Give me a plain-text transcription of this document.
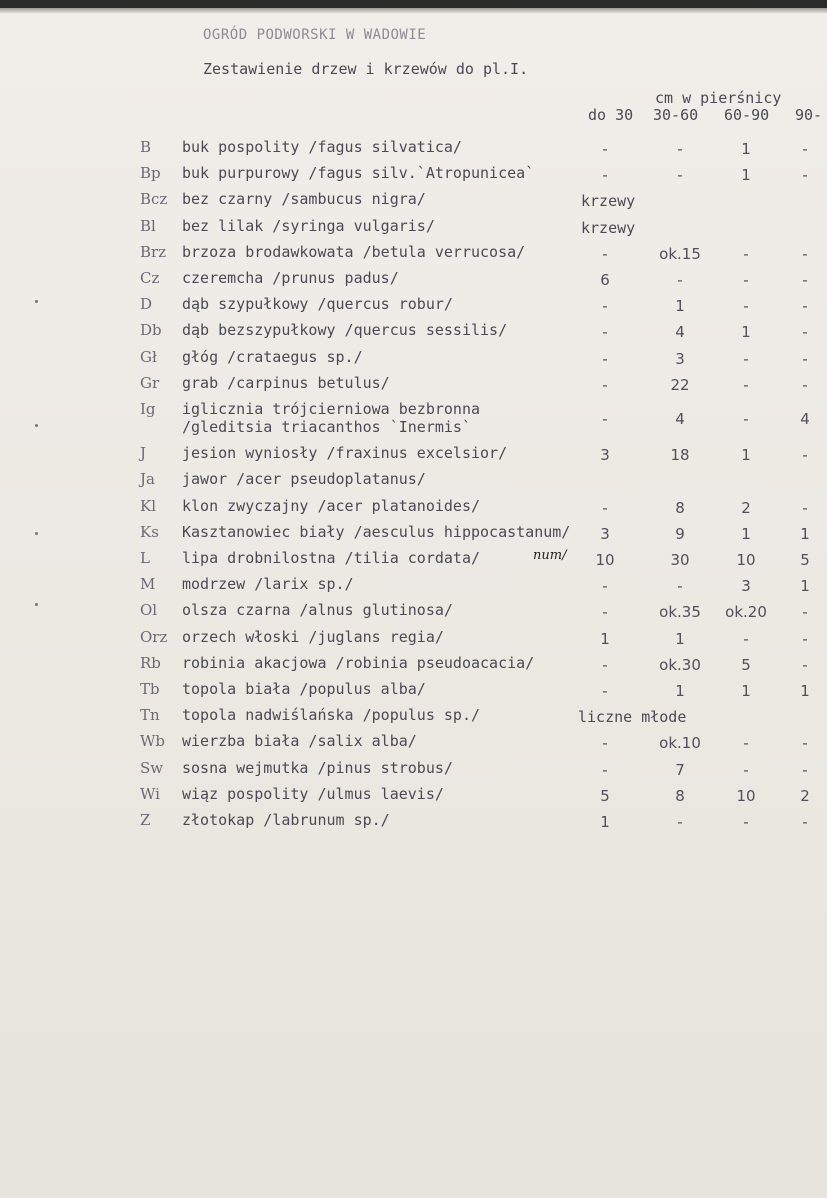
OGRÓD PODWORSKI W WADOWIE
Zestawienie drzew i krzewów do pl.I.
cm w pierśnicy
do 30 30-60 60-90 90-
B buk pospolity /fagus silvatica/	-	-	1	-
Bp buk purpurowy /fagus silv.`Atropunicea`	-	-	1	-
Bcz bez czarny /sambucus nigra/	krzewy
Bl bez lilak /syringa vulgaris/	krzewy
Brz brzoza brodawkowata /betula verrucosa/	-	ok.15	-	-
Cz czeremcha /prunus padus/	6	-	-	-
D dąb szypułkowy /quercus robur/	-	1	-	-
Db dąb bezszypułkowy /quercus sessilis/	-	4	1	-
Gł głóg /crataegus sp./	-	3	-	-
Gr grab /carpinus betulus/	-	22	-	-
Ig iglicznia trójcierniowa bezbronna
/gleditsia triacanthos `Inermis`	-	4	-	4
J jesion wyniosły /fraxinus excelsior/	3	18	1	-
Ja jawor /acer pseudoplatanus/
Kl klon zwyczajny /acer platanoides/	-	8	2	-
Ks Kasztanowiec biały /aesculus hippocastanum/	3	9	1	1
L lipa drobnilostna /tilia cordata/	10	30	10	5
M modrzew /larix sp./	-	-	3	1
Ol olsza czarna /alnus glutinosa/	-	ok.35	ok.20	-
Orz orzech włoski /juglans regia/	1	1	-	-
Rb robinia akacjowa /robinia pseudoacacia/	-	ok.30	5	-
Tb topola biała /populus alba/	-	1	1	1
Tn topola nadwiślańska /populus sp./	liczne młode
Wb wierzba biała /salix alba/	-	ok.10	-	-
Sw sosna wejmutka /pinus strobus/	-	7	-	-
Wi wiąz pospolity /ulmus laevis/	5	8	10	2
Z złotokap /labrunum sp./	1	-	-	-
num/
